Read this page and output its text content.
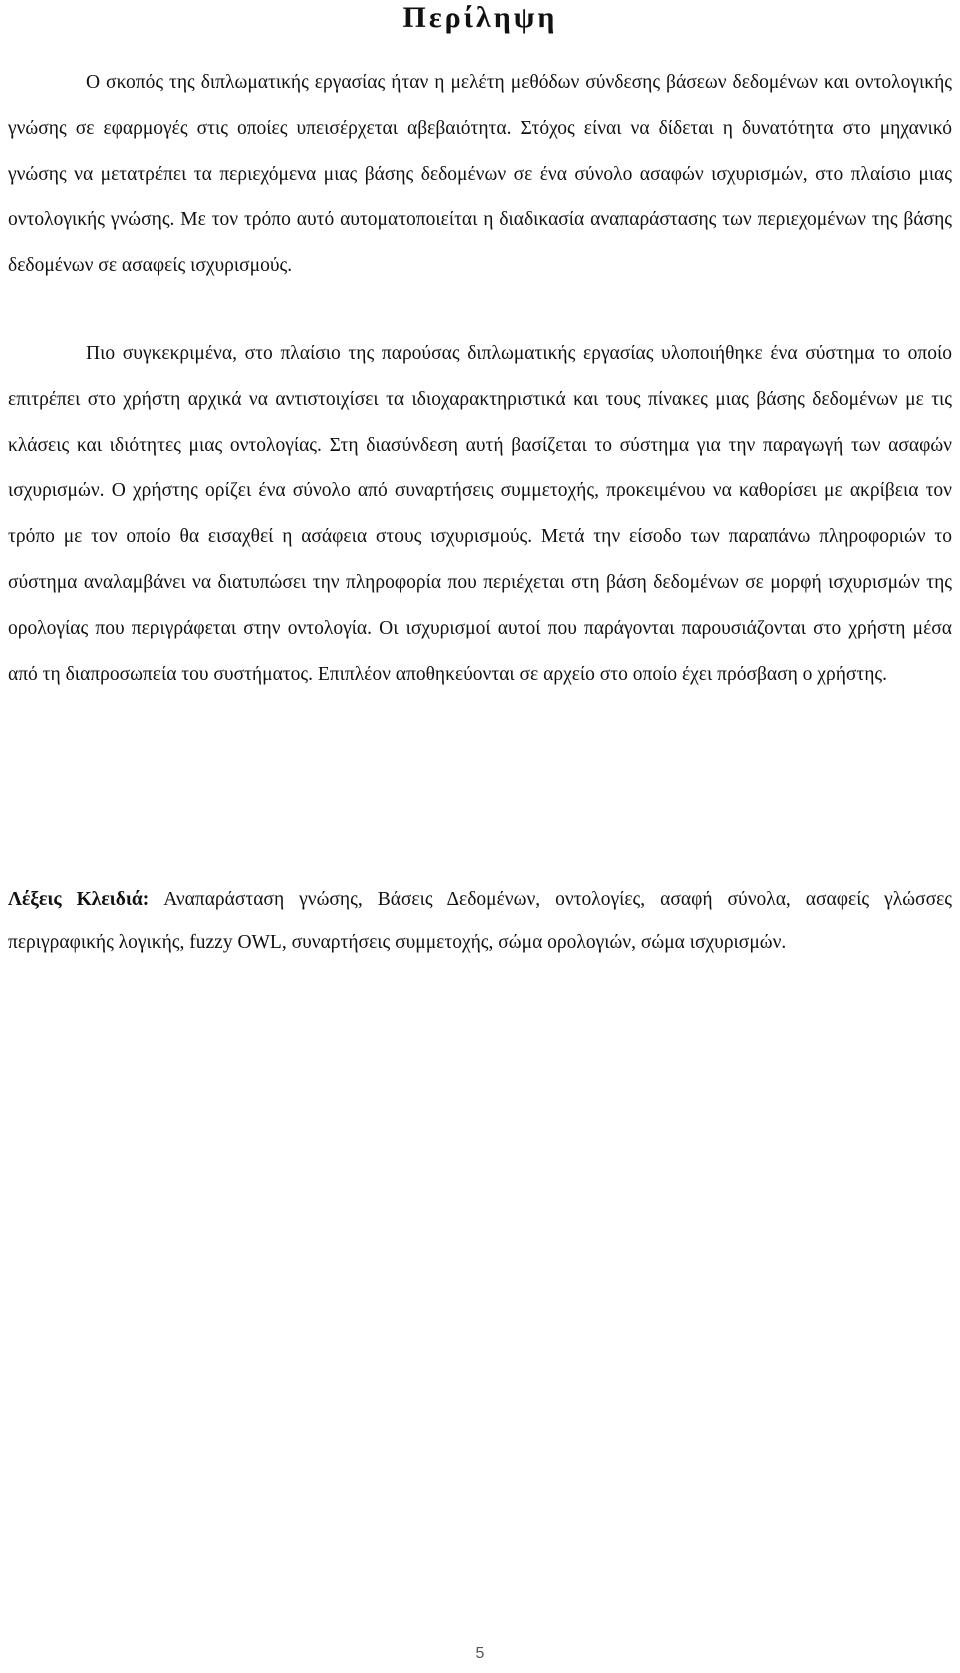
Περίληψη

Ο σκοπός της διπλωματικής εργασίας ήταν η μελέτη μεθόδων σύνδεσης βάσεων δεδομένων και οντολογικής γνώσης σε εφαρμογές στις οποίες υπεισέρχεται αβεβαιότητα. Στόχος είναι να δίδεται η δυνατότητα στο μηχανικό γνώσης να μετατρέπει τα περιεχόμενα μιας βάσης δεδομένων σε ένα σύνολο ασαφών ισχυρισμών, στο πλαίσιο μιας οντολογικής γνώσης. Με τον τρόπο αυτό αυτοματοποιείται η διαδικασία αναπαράστασης των περιεχομένων της βάσης δεδομένων σε ασαφείς ισχυρισμούς.

Πιο συγκεκριμένα, στο πλαίσιο της παρούσας διπλωματικής εργασίας υλοποιήθηκε ένα σύστημα το οποίο επιτρέπει στο χρήστη αρχικά να αντιστοιχίσει τα ιδιοχαρακτηριστικά και τους πίνακες μιας βάσης δεδομένων με τις κλάσεις και ιδιότητες μιας οντολογίας. Στη διασύνδεση αυτή βασίζεται το σύστημα για την παραγωγή των ασαφών ισχυρισμών. Ο χρήστης ορίζει ένα σύνολο από συναρτήσεις συμμετοχής, προκειμένου να καθορίσει με ακρίβεια τον τρόπο με τον οποίο θα εισαχθεί η ασάφεια στους ισχυρισμούς. Μετά την είσοδο των παραπάνω πληροφοριών το σύστημα αναλαμβάνει να διατυπώσει την πληροφορία που περιέχεται στη βάση δεδομένων σε μορφή ισχυρισμών της ορολογίας που περιγράφεται στην οντολογία. Οι ισχυρισμοί αυτοί που παράγονται παρουσιάζονται στο χρήστη μέσα από τη διαπροσωπεία του συστήματος. Επιπλέον αποθηκεύονται σε αρχείο στο οποίο έχει πρόσβαση ο χρήστης.

Λέξεις Κλειδιά: Αναπαράσταση γνώσης, Βάσεις Δεδομένων, οντολογίες, ασαφή σύνολα, ασαφείς γλώσσες περιγραφικής λογικής, fuzzy OWL, συναρτήσεις συμμετοχής, σώμα ορολογιών, σώμα ισχυρισμών.

5
